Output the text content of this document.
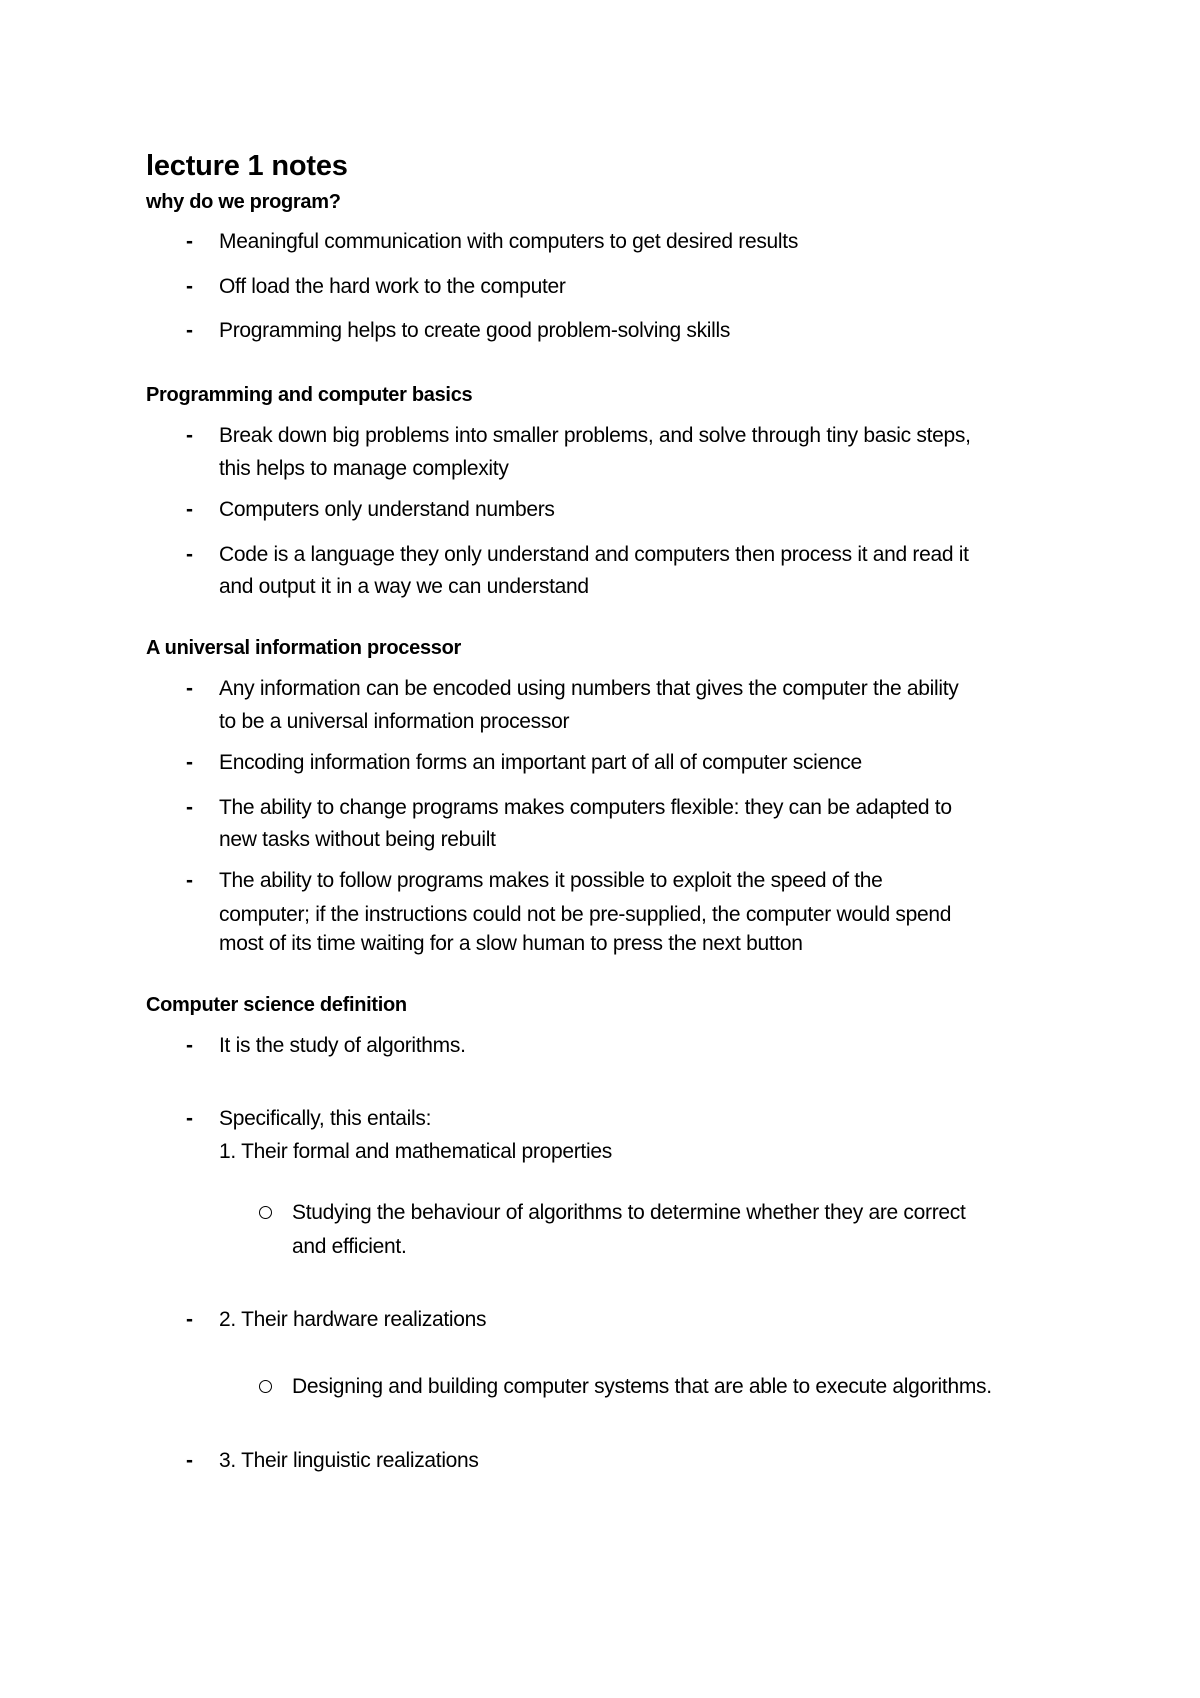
lecture 1 notes
why do we program?
- Meaningful communication with computers to get desired results
- Off load the hard work to the computer
- Programming helps to create good problem-solving skills
Programming and computer basics
- Break down big problems into smaller problems, and solve through tiny basic steps,
this helps to manage complexity
- Computers only understand numbers
- Code is a language they only understand and computers then process it and read it
and output it in a way we can understand
A universal information processor
- Any information can be encoded using numbers that gives the computer the ability
to be a universal information processor
- Encoding information forms an important part of all of computer science
- The ability to change programs makes computers flexible: they can be adapted to
new tasks without being rebuilt
- The ability to follow programs makes it possible to exploit the speed of the
computer; if the instructions could not be pre-supplied, the computer would spend
most of its time waiting for a slow human to press the next button
Computer science definition
- It is the study of algorithms.
- Specifically, this entails:
1. Their formal and mathematical properties
Studying the behaviour of algorithms to determine whether they are correct
and efficient.
- 2. Their hardware realizations
Designing and building computer systems that are able to execute algorithms.
- 3. Their linguistic realizations
